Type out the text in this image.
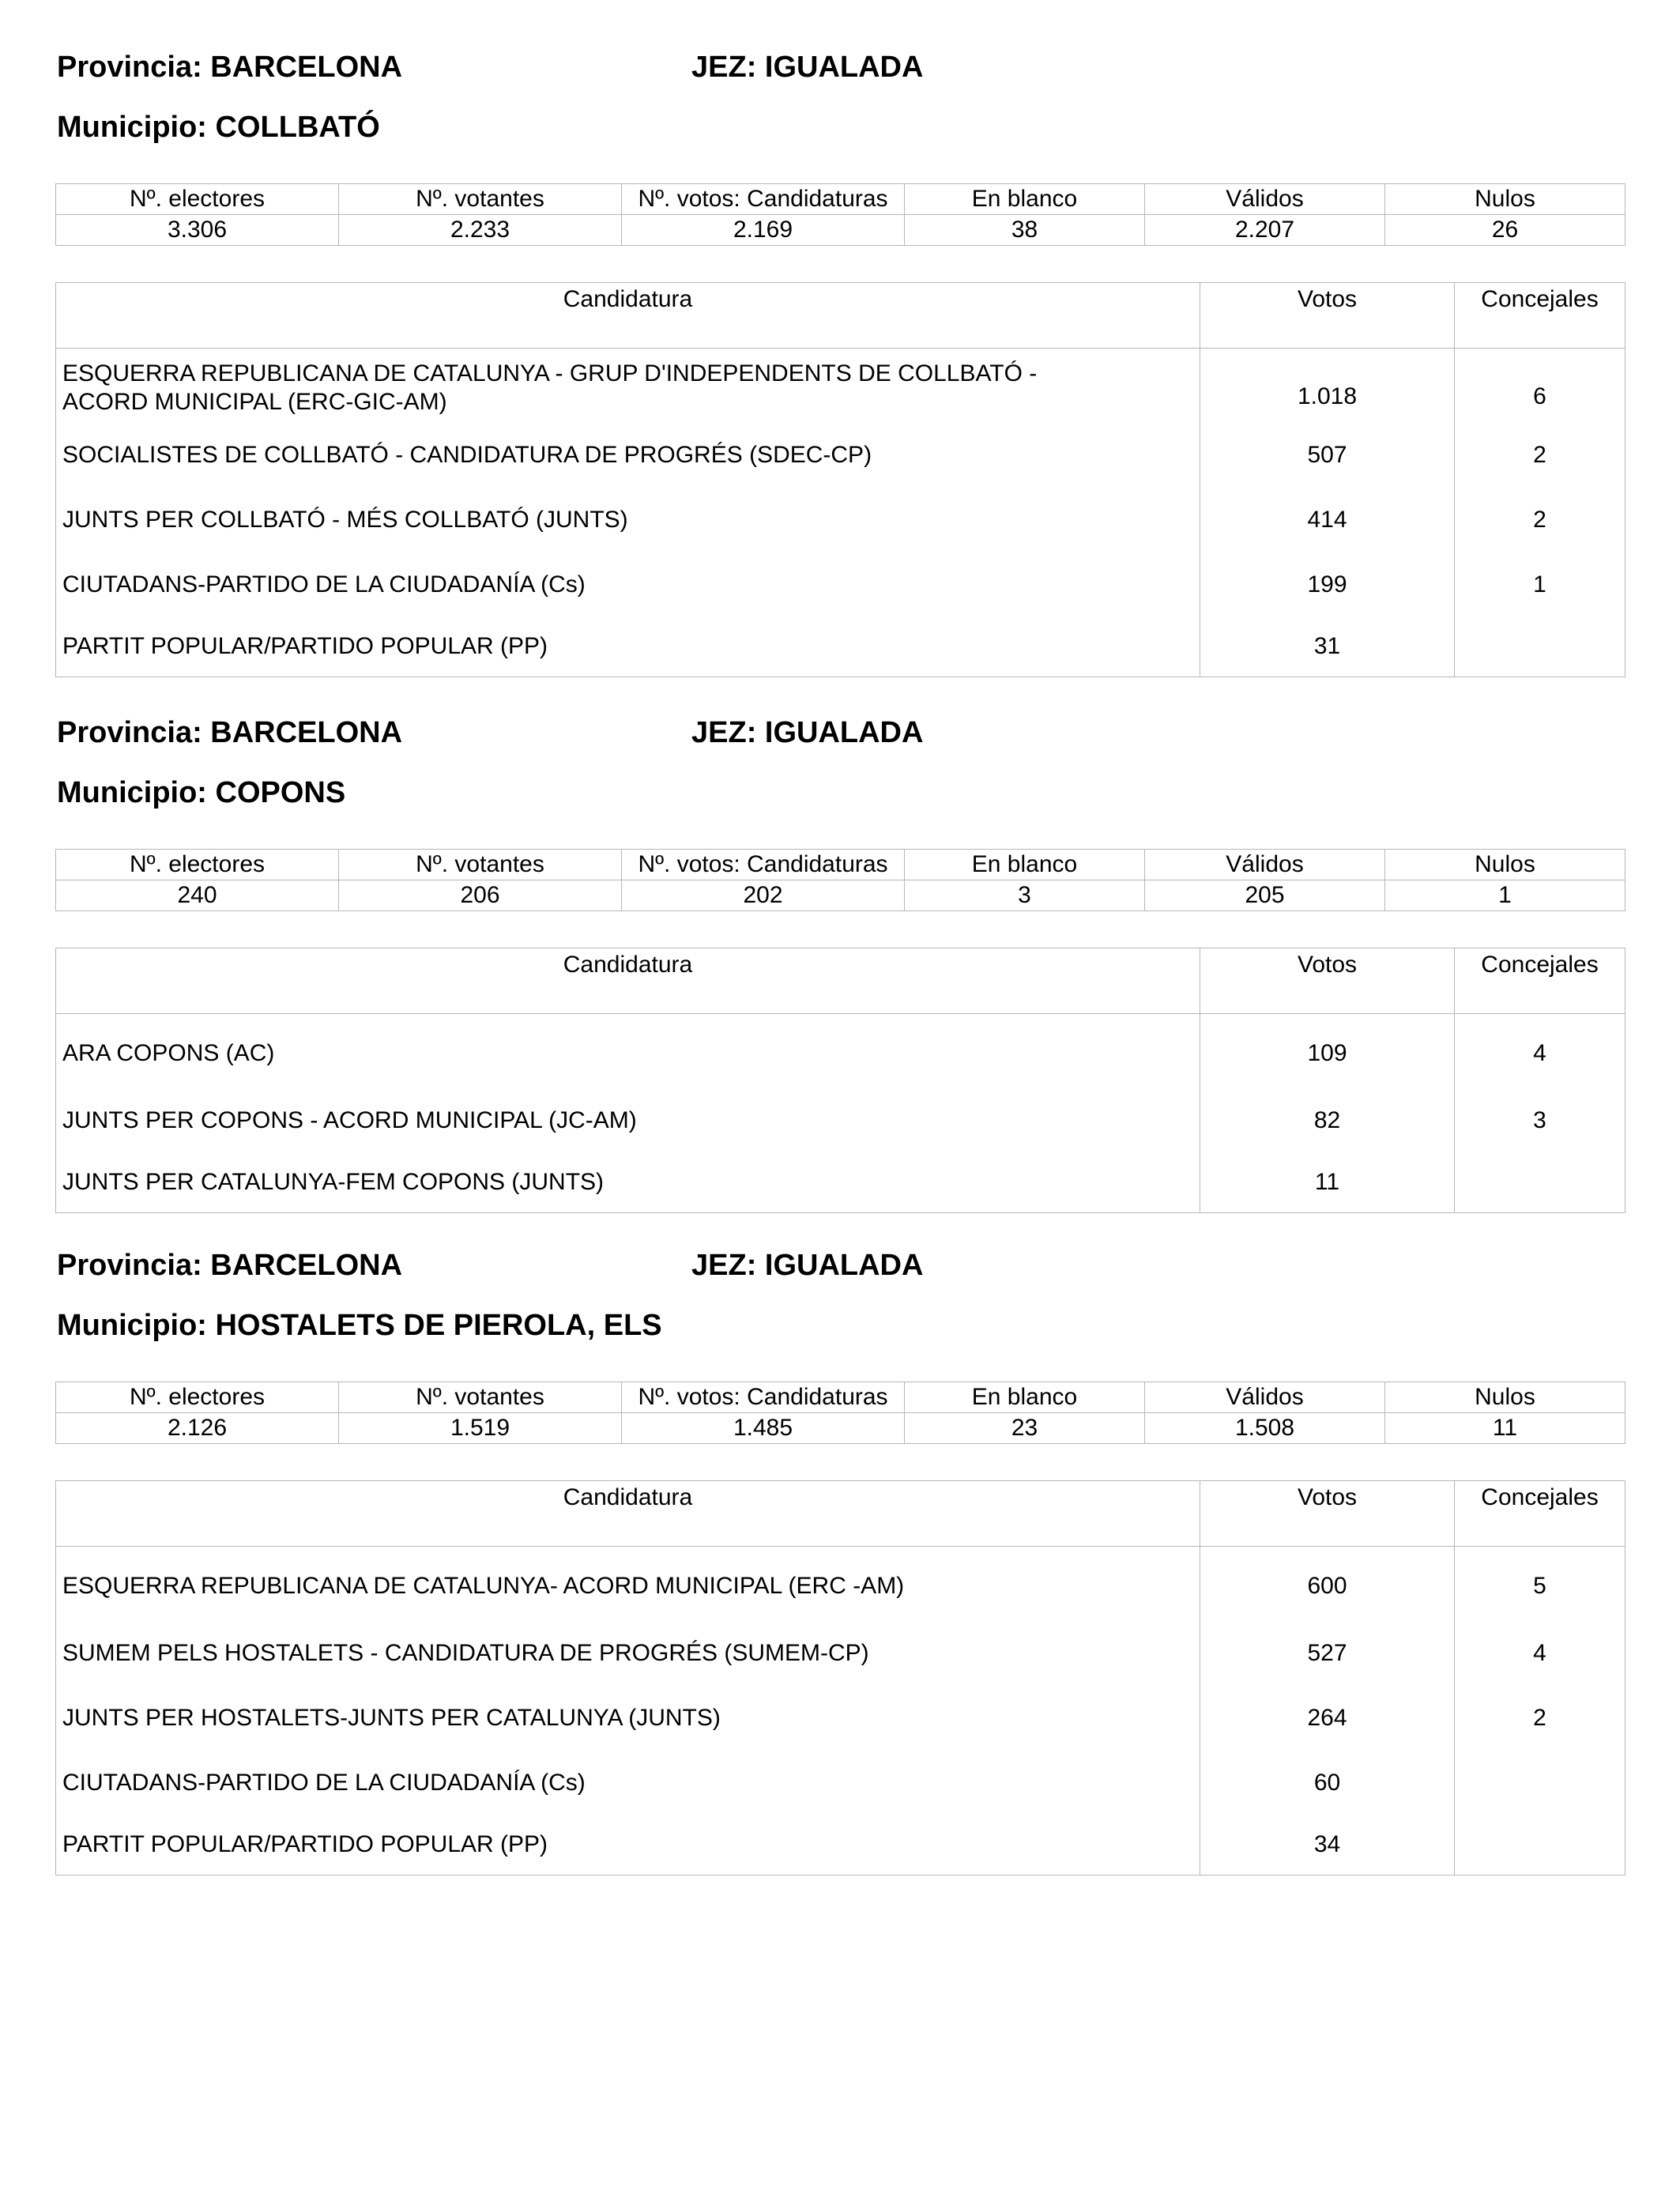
Provincia: BARCELONA	JEZ: IGUALADA
Municipio: COLLBATÓ
Nº. electores	Nº. votantes	Nº. votos: Candidaturas	En blanco	Válidos	Nulos
3.306	2.233	2.169	38	2.207	26
Candidatura	Votos	Concejales

ESQUERRA REPUBLICANA DE CATALUNYA - GRUP D'INDEPENDENTS DE COLLBATÓ -
ACORD MUNICIPAL (ERC-GIC-AM)	1.018	6
SOCIALISTES DE COLLBATÓ - CANDIDATURA DE PROGRÉS (SDEC-CP)	507	2
JUNTS PER COLLBATÓ - MÉS COLLBATÓ (JUNTS)	414	2
CIUTADANS-PARTIDO DE LA CIUDADANÍA (Cs)	199	1
PARTIT POPULAR/PARTIDO POPULAR (PP)	31	
Provincia: BARCELONA	JEZ: IGUALADA
Municipio: COPONS
Nº. electores	Nº. votantes	Nº. votos: Candidaturas	En blanco	Válidos	Nulos
240	206	202	3	205	1
Candidatura	Votos	Concejales
ARA COPONS (AC)	109	4
JUNTS PER COPONS - ACORD MUNICIPAL (JC-AM)	82	3
JUNTS PER CATALUNYA-FEM COPONS (JUNTS)	11	
Provincia: BARCELONA	JEZ: IGUALADA
Municipio: HOSTALETS DE PIEROLA, ELS
Nº. electores	Nº. votantes	Nº. votos: Candidaturas	En blanco	Válidos	Nulos
2.126	1.519	1.485	23	1.508	11
Candidatura	Votos	Concejales
ESQUERRA REPUBLICANA DE CATALUNYA- ACORD MUNICIPAL (ERC -AM)	600	5
SUMEM PELS HOSTALETS - CANDIDATURA DE PROGRÉS (SUMEM-CP)	527	4
JUNTS PER HOSTALETS-JUNTS PER CATALUNYA (JUNTS)	264	2
CIUTADANS-PARTIDO DE LA CIUDADANÍA (Cs)	60	
PARTIT POPULAR/PARTIDO POPULAR (PP)	34	
